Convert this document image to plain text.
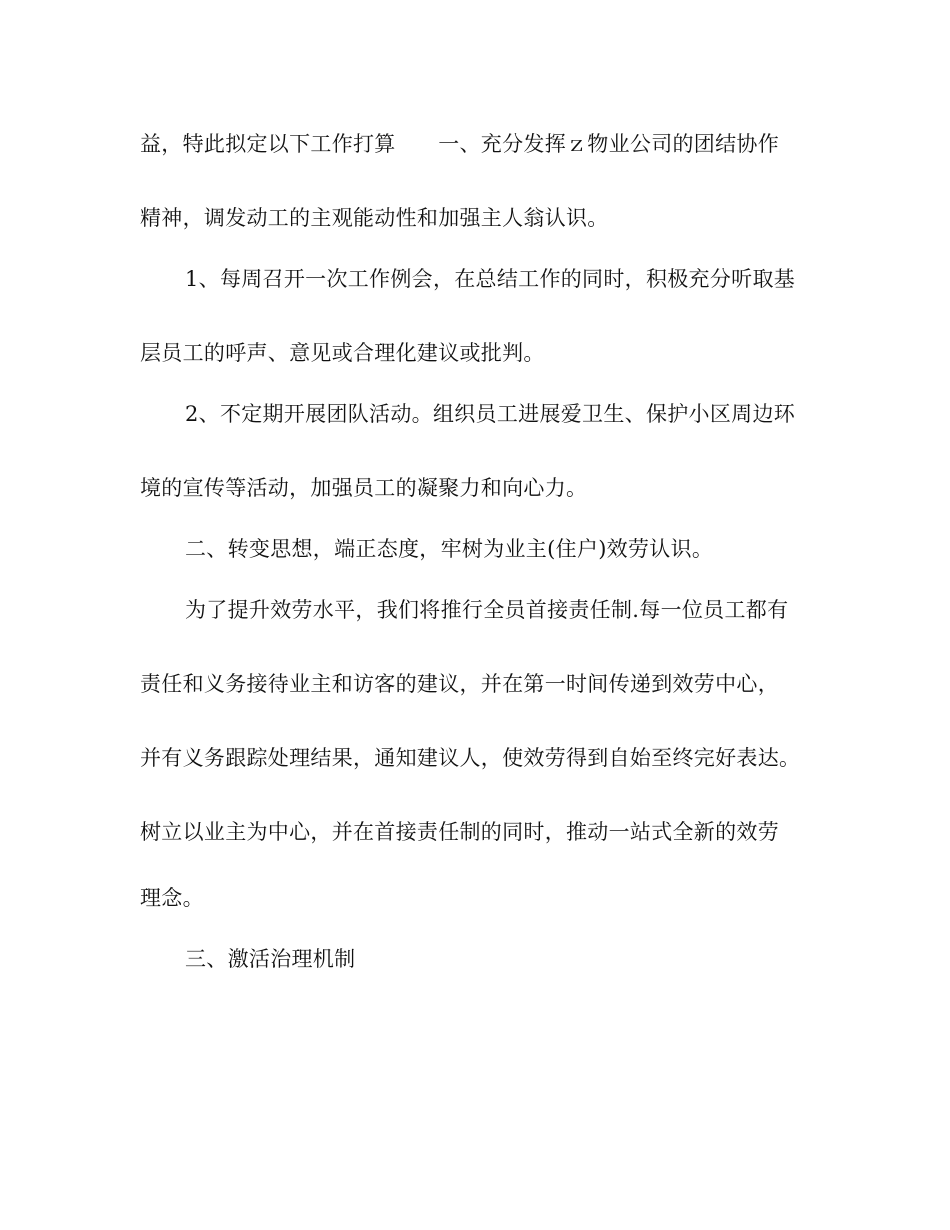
益，特此拟定以下工作打算　　一、充分发挥ｚ物业公司的团结协作
精神，调发动工的主观能动性和加强主人翁认识。
1、每周召开一次工作例会，在总结工作的同时，积极充分听取基
层员工的呼声、意见或合理化建议或批判。
2、不定期开展团队活动。组织员工进展爱卫生、保护小区周边环
境的宣传等活动，加强员工的凝聚力和向心力。
二、转变思想，端正态度，牢树为业主(住户)效劳认识。
为了提升效劳水平，我们将推行全员首接责任制.每一位员工都有
责任和义务接待业主和访客的建议，并在第一时间传递到效劳中心，
并有义务跟踪处理结果，通知建议人，使效劳得到自始至终完好表达。
树立以业主为中心，并在首接责任制的同时，推动一站式全新的效劳
理念。
三、激活治理机制
